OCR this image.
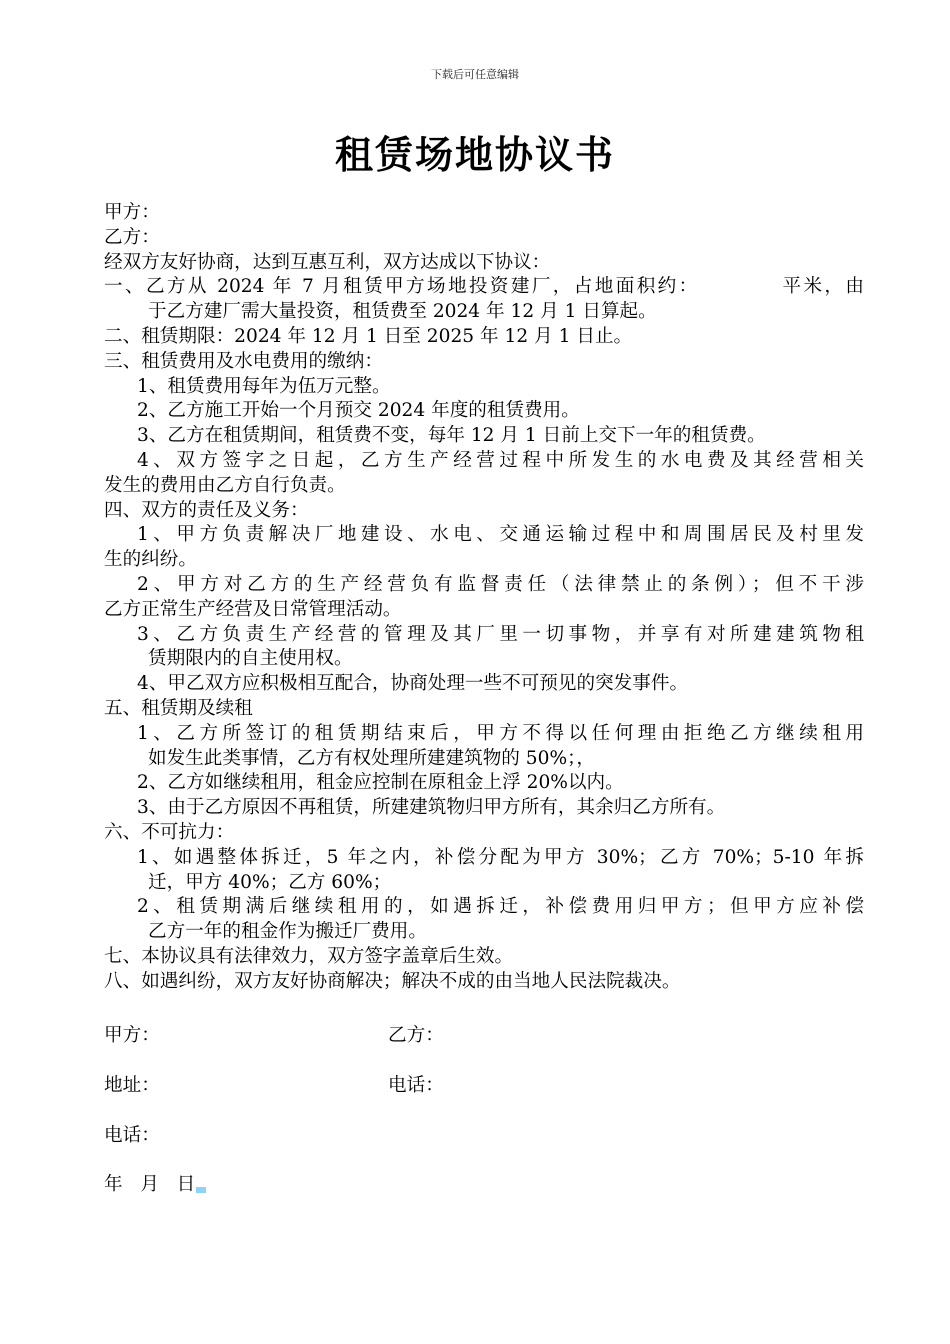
下载后可任意编辑
租赁场地协议书
甲方：
乙方：
经双方友好协商，达到互惠互利，双方达成以下协议：
一、乙方从 2024 年 7 月租赁甲方场地投资建厂，占地面积约：          平米，由
于乙方建厂需大量投资，租赁费至 2024 年 12 月 1 日算起。
二、租赁期限：2024 年 12 月 1 日至 2025 年 12 月 1 日止。
三、租赁费用及水电费用的缴纳：
1、租赁费用每年为伍万元整。
2、乙方施工开始一个月预交 2024 年度的租赁费用。
3、乙方在租赁期间，租赁费不变，每年 12 月 1 日前上交下一年的租赁费。
4、双方签字之日起，乙方生产经营过程中所发生的水电费及其经营相关
发生的费用由乙方自行负责。
四、双方的责任及义务：
1、甲方负责解决厂地建设、水电、交通运输过程中和周围居民及村里发
生的纠纷。
2、甲方对乙方的生产经营负有监督责任（法律禁止的条例）；但不干涉
乙方正常生产经营及日常管理活动。
3、乙方负责生产经营的管理及其厂里一切事物，并享有对所建建筑物租
赁期限内的自主使用权。
4、甲乙双方应积极相互配合，协商处理一些不可预见的突发事件。
五、租赁期及续租
1、乙方所签订的租赁期结束后，甲方不得以任何理由拒绝乙方继续租用
如发生此类事情，乙方有权处理所建建筑物的 50%；，
2、乙方如继续租用，租金应控制在原租金上浮 20%以内。
3、由于乙方原因不再租赁，所建建筑物归甲方所有，其余归乙方所有。
六、不可抗力：
1、如遇整体拆迁，5 年之内，补偿分配为甲方 30%；乙方 70%；5-10 年拆
迁，甲方 40%；乙方 60%；
2、租赁期满后继续租用的，如遇拆迁，补偿费用归甲方；但甲方应补偿
乙方一年的租金作为搬迁厂费用。
七、本协议具有法律效力，双方签字盖章后生效。
八、如遇纠纷，双方友好协商解决；解决不成的由当地人民法院裁决。
甲方：	乙方：
地址：	电话：
电话：
年   月   日
